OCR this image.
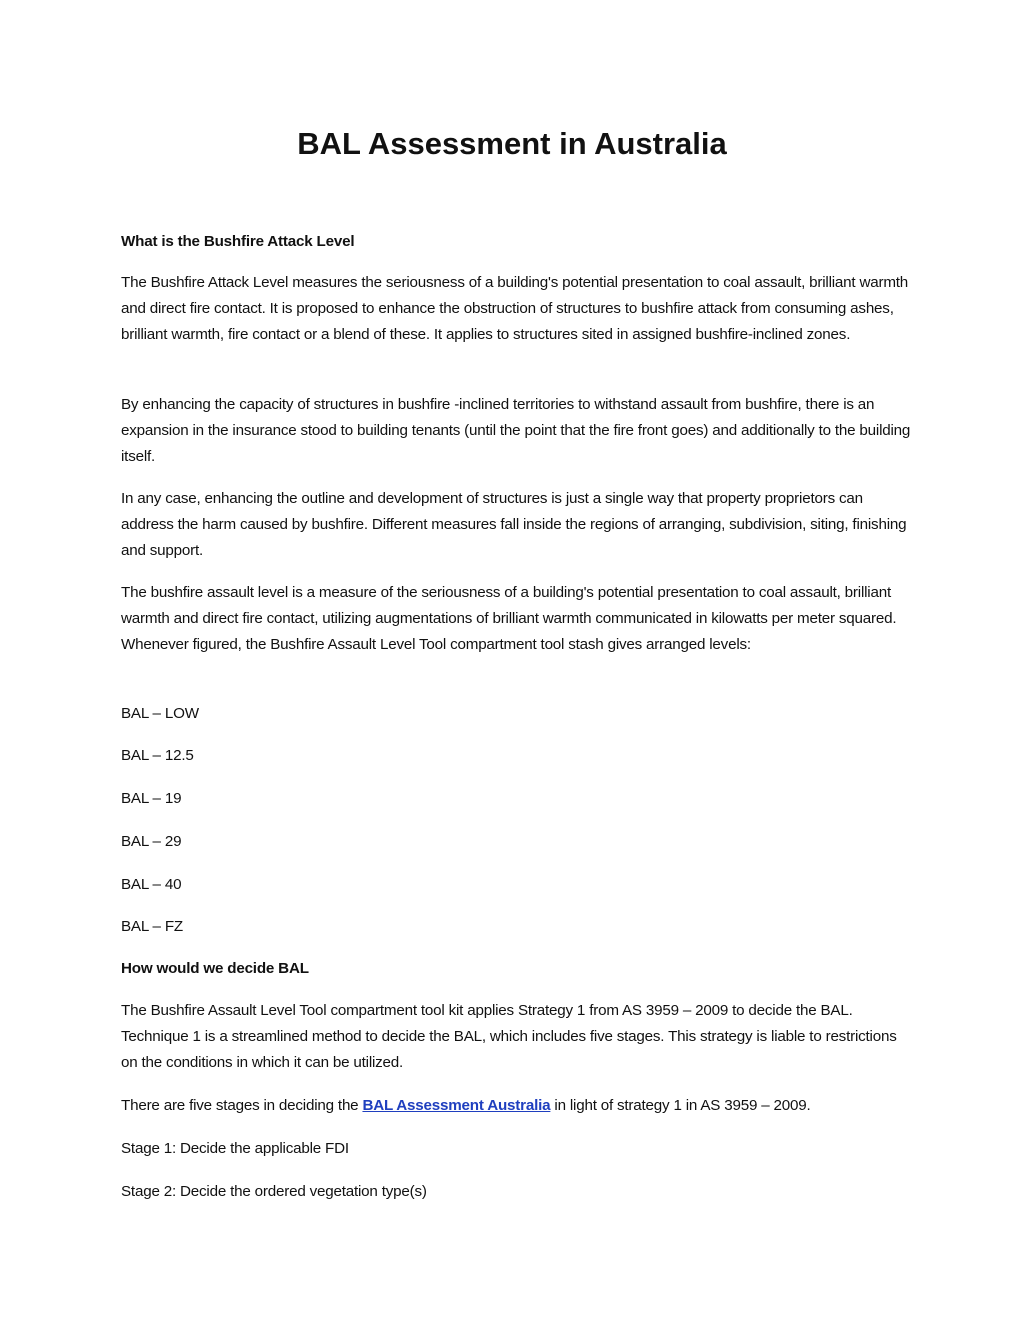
BAL Assessment in Australia

What is the Bushfire Attack Level

The Bushfire Attack Level measures the seriousness of a building's potential presentation to coal assault, brilliant warmth and direct fire contact. It is proposed to enhance the obstruction of structures to bushfire attack from consuming ashes, brilliant warmth, fire contact or a blend of these. It applies to structures sited in assigned bushfire-inclined zones.

By enhancing the capacity of structures in bushfire -inclined territories to withstand assault from bushfire, there is an expansion in the insurance stood to building tenants (until the point that the fire front goes) and additionally to the building itself.

In any case, enhancing the outline and development of structures is just a single way that property proprietors can address the harm caused by bushfire. Different measures fall inside the regions of arranging, subdivision, siting, finishing and support.

The bushfire assault level is a measure of the seriousness of a building's potential presentation to coal assault, brilliant warmth and direct fire contact, utilizing augmentations of brilliant warmth communicated in kilowatts per meter squared. Whenever figured, the Bushfire Assault Level Tool compartment tool stash gives arranged levels:

BAL – LOW

BAL – 12.5

BAL – 19

BAL – 29

BAL – 40

BAL – FZ

How would we decide BAL

The Bushfire Assault Level Tool compartment tool kit applies Strategy 1 from AS 3959 – 2009 to decide the BAL. Technique 1 is a streamlined method to decide the BAL, which includes five stages. This strategy is liable to restrictions on the conditions in which it can be utilized.

There are five stages in deciding the BAL Assessment Australia in light of strategy 1 in AS 3959 – 2009.

Stage 1: Decide the applicable FDI

Stage 2: Decide the ordered vegetation type(s)
